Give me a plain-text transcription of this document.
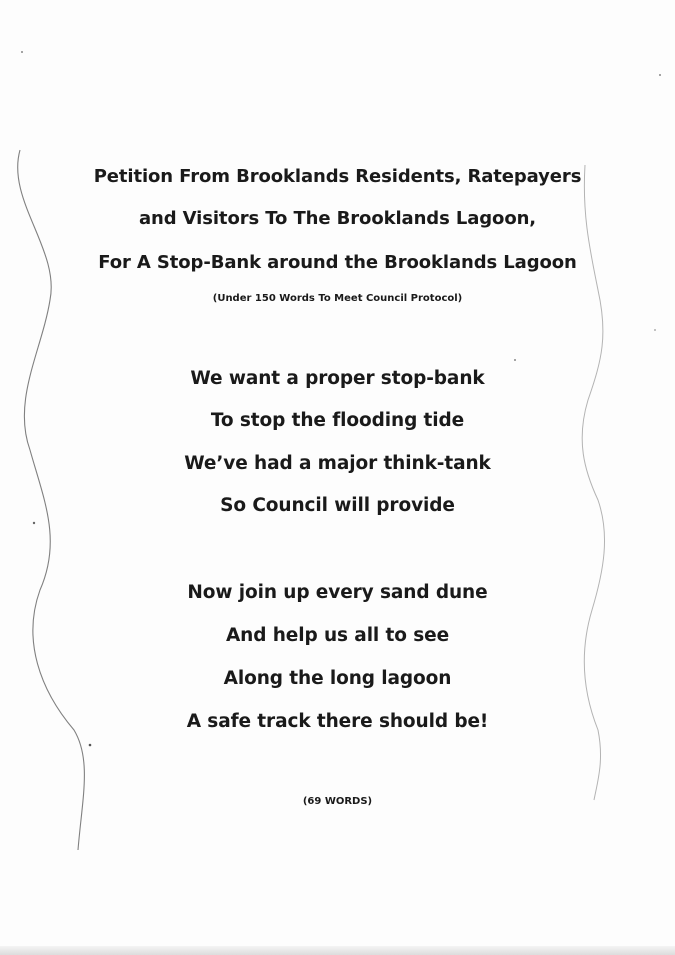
Petition From Brooklands Residents, Ratepayers
and Visitors To The Brooklands Lagoon,
For A Stop-Bank around the Brooklands Lagoon
(Under 150 Words To Meet Council Protocol)
We want a proper stop-bank
To stop the flooding tide
We’ve had a major think-tank
So Council will provide
Now join up every sand dune
And help us all to see
Along the long lagoon
A safe track there should be!
(69 WORDS)
